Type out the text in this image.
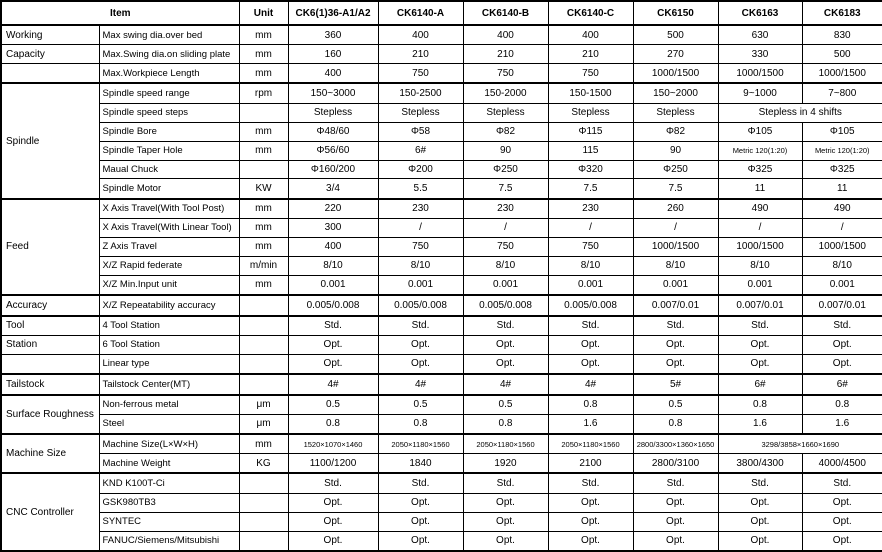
Item		Unit	CK6(1)36-A1/A2	CK6140-A	CK6140-B	CK6140-C	CK6150	CK6163	CK6183
Working	Max swing dia.over bed	mm	360	400	400	400	500	630	830
Capacity	Max.Swing dia.on sliding plate	mm	160	210	210	210	270	330	500
	Max.Workpiece Length	mm	400	750	750	750	1000/1500	1000/1500	1000/1500
Spindle	Spindle speed range	rpm	150~3000	150-2500	150-2000	150-1500	150~2000	9~1000	7~800
	Spindle speed steps		Stepless	Stepless	Stepless	Stepless	Stepless	Stepless in 4 shifts	
	Spindle Bore	mm	Φ48/60	Φ58	Φ82	Φ115	Φ82	Φ105	Φ105
	Spindle Taper Hole	mm	Φ56/60	6#	90	115	90	Metric 120(1:20)	Metric 120(1:20)
	Maual Chuck		Φ160/200	Φ200	Φ250	Φ320	Φ250	Φ325	Φ325
	Spindle Motor	KW	3/4	5.5	7.5	7.5	7.5	11	11
Feed	X Axis Travel(With Tool Post)	mm	220	230	230	230	260	490	490
	X Axis Travel(With Linear Tool)	mm	300	/	/	/	/	/	/
	Z Axis Travel	mm	400	750	750	750	1000/1500	1000/1500	1000/1500
	X/Z Rapid federate	m/min	8/10	8/10	8/10	8/10	8/10	8/10	8/10
	X/Z Min.Input unit	mm	0.001	0.001	0.001	0.001	0.001	0.001	0.001
Accuracy	X/Z Repeatability accuracy		0.005/0.008	0.005/0.008	0.005/0.008	0.005/0.008	0.007/0.01	0.007/0.01	0.007/0.01
Tool	4 Tool Station		Std.	Std.	Std.	Std.	Std.	Std.	Std.
Station	6 Tool Station		Opt.	Opt.	Opt.	Opt.	Opt.	Opt.	Opt.
	Linear type		Opt.	Opt.	Opt.	Opt.	Opt.	Opt.	Opt.
Tailstock	Tailstock Center(MT)		4#	4#	4#	4#	5#	6#	6#
Surface Roughness	Non-ferrous metal	μm	0.5	0.5	0.5	0.8	0.5	0.8	0.8
	Steel	μm	0.8	0.8	0.8	1.6	0.8	1.6	1.6
Machine Size	Machine Size(L×W×H)	mm	1520×1070×1460	2050×1180×1560	2050×1180×1560	2050×1180×1560	2800/3300×1360×1650	3298/3858×1660×1690	
	Machine Weight	KG	1100/1200	1840	1920	2100	2800/3100	3800/4300	4000/4500
CNC Controller	KND K100T-Ci		Std.	Std.	Std.	Std.	Std.	Std.	Std.
	GSK980TB3		Opt.	Opt.	Opt.	Opt.	Opt.	Opt.	Opt.
	SYNTEC		Opt.	Opt.	Opt.	Opt.	Opt.	Opt.	Opt.
	FANUC/Siemens/Mitsubishi		Opt.	Opt.	Opt.	Opt.	Opt.	Opt.	Opt.
